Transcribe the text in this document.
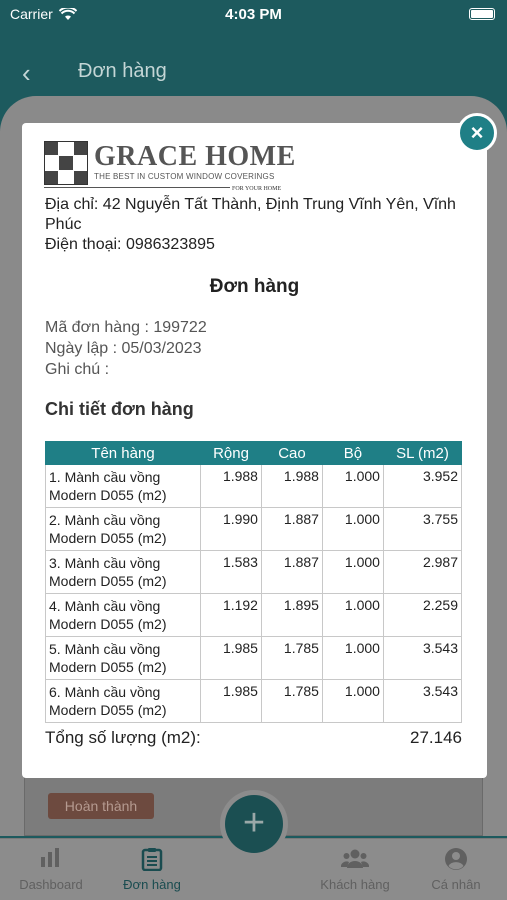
Carrier	4:03 PM
‹ Đơn hàng
Hoàn thành
Dashboard	Đơn hàng	Khách hàng	Cá nhân
+
GRACE HOME
THE BEST IN CUSTOM WINDOW COVERINGS
FOR YOUR HOME
Địa chỉ: 42 Nguyễn Tất Thành, Định Trung Vĩnh Yên, Vĩnh Phúc
Điện thoại: 0986323895
Đơn hàng
Mã đơn hàng : 199722
Ngày lập : 05/03/2023
Ghi chú :
Chi tiết đơn hàng
Tên hàng	Rộng	Cao	Bộ	SL (m2)
1. Mành cầu vồng Modern D055 (m2)	1.988	1.988	1.000	3.952
2. Mành cầu vồng Modern D055 (m2)	1.990	1.887	1.000	3.755
3. Mành cầu vồng Modern D055 (m2)	1.583	1.887	1.000	2.987
4. Mành cầu vồng Modern D055 (m2)	1.192	1.895	1.000	2.259
5. Mành cầu vồng Modern D055 (m2)	1.985	1.785	1.000	3.543
6. Mành cầu vồng Modern D055 (m2)	1.985	1.785	1.000	3.543
Tổng số lượng (m2):	27.146
×
